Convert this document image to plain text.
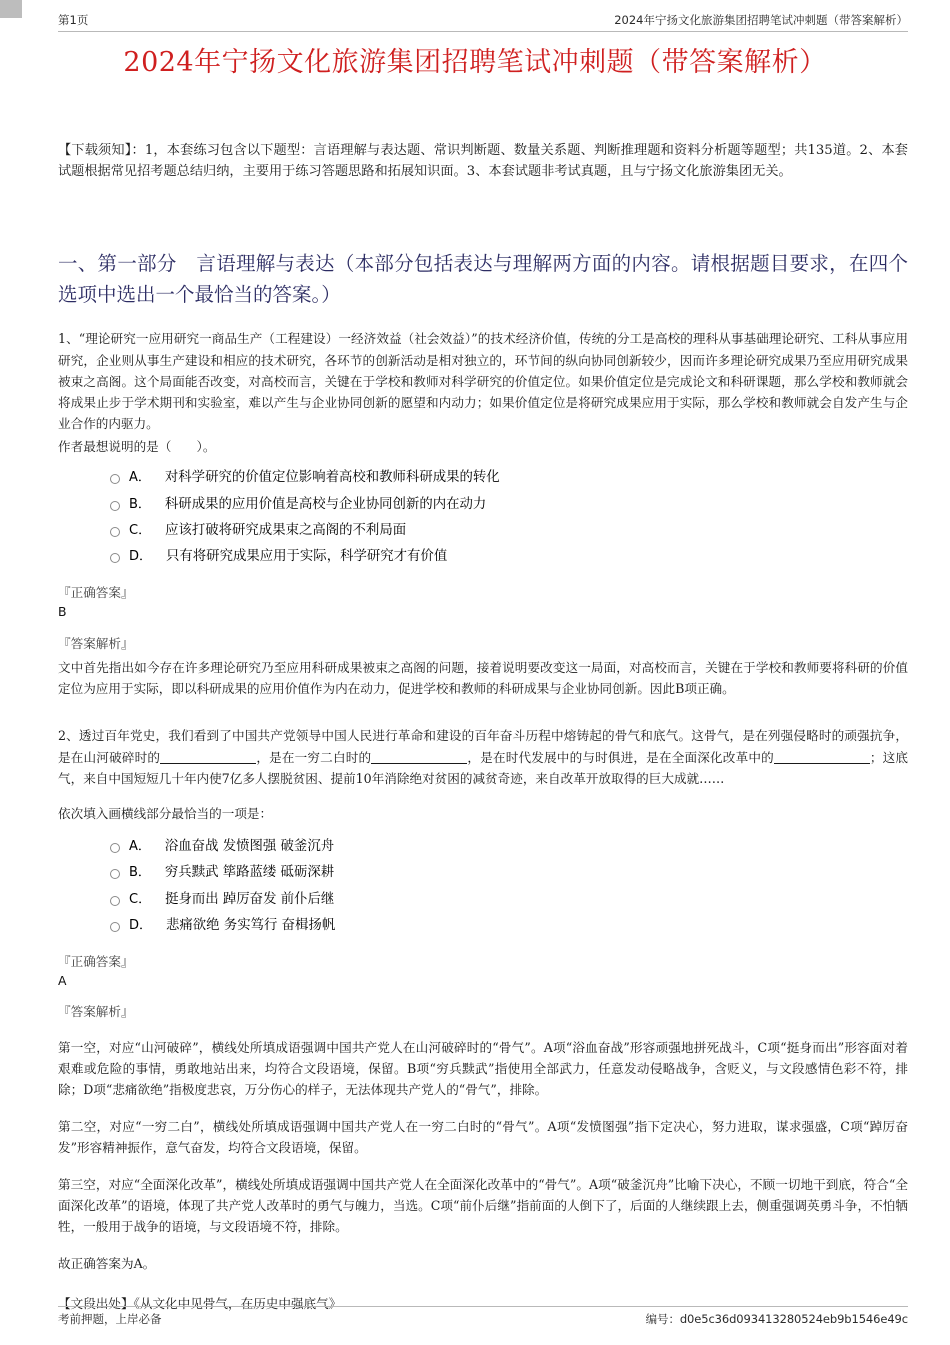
第1页	2024年宁扬文化旅游集团招聘笔试冲刺题（带答案解析）
2024年宁扬文化旅游集团招聘笔试冲刺题（带答案解析）

【下载须知】：1，本套练习包含以下题型：言语理解与表达题、常识判断题、数量关系题、判断推理题和资料分析题等题型；共135道。2、本套试题根据常见招考题总结归纳，主要用于练习答题思路和拓展知识面。3、本套试题非考试真题，且与宁扬文化旅游集团无关。

一、第一部分　言语理解与表达（本部分包括表达与理解两方面的内容。请根据题目要求，在四个选项中选出一个最恰当的答案。）

1、“理论研究一应用研究一商品生产（工程建设）一经济效益（社会效益）”的技术经济价值，传统的分工是高校的理科从事基础理论研究、工科从事应用研究，企业则从事生产建设和相应的技术研究，各环节的创新活动是相对独立的，环节间的纵向协同创新较少，因而许多理论研究成果乃至应用研究成果被束之高阁。这个局面能否改变，对高校而言，关键在于学校和教师对科学研究的价值定位。如果价值定位是完成论文和科研课题，那么学校和教师就会将成果止步于学术期刊和实验室，难以产生与企业协同创新的愿望和内动力；如果价值定位是将研究成果应用于实际，那么学校和教师就会自发产生与企业合作的内驱力。

作者最想说明的是（　　）。

A． 对科学研究的价值定位影响着高校和教师科研成果的转化
B． 科研成果的应用价值是高校与企业协同创新的内在动力
C． 应该打破将研究成果束之高阁的不利局面
D． 只有将研究成果应用于实际，科学研究才有价值

『正确答案』

B

『答案解析』

文中首先指出如今存在许多理论研究乃至应用科研成果被束之高阁的问题，接着说明要改变这一局面，对高校而言，关键在于学校和教师要将科研的价值定位为应用于实际，即以科研成果的应用价值作为内在动力，促进学校和教师的科研成果与企业协同创新。因此B项正确。

2、透过百年党史，我们看到了中国共产党领导中国人民进行革命和建设的百年奋斗历程中熔铸起的骨气和底气。这骨气，是在列强侵略时的顽强抗争，是在山河破碎时的	，是在一穷二白时的	，是在时代发展中的与时俱进，是在全面深化改革中的	；这底气，来自中国短短几十年内使7亿多人摆脱贫困、提前10年消除绝对贫困的减贫奇迹，来自改革开放取得的巨大成就……

依次填入画横线部分最恰当的一项是：

A． 浴血奋战 发愤图强 破釜沉舟
B． 穷兵黩武 筚路蓝缕 砥砺深耕
C． 挺身而出 踔厉奋发 前仆后继
D． 悲痛欲绝 务实笃行 奋楫扬帆

『正确答案』

A

『答案解析』

第一空，对应“山河破碎”，横线处所填成语强调中国共产党人在山河破碎时的“骨气”。A项“浴血奋战”形容顽强地拼死战斗，C项“挺身而出”形容面对着艰难或危险的事情，勇敢地站出来，均符合文段语境，保留。B项“穷兵黩武”指使用全部武力，任意发动侵略战争，含贬义，与文段感情色彩不符，排除；D项“悲痛欲绝”指极度悲哀，万分伤心的样子，无法体现共产党人的“骨气”，排除。

第二空，对应“一穷二白”，横线处所填成语强调中国共产党人在一穷二白时的“骨气”。A项“发愤图强”指下定决心，努力进取，谋求强盛，C项“踔厉奋发”形容精神振作，意气奋发，均符合文段语境，保留。

第三空，对应“全面深化改革”，横线处所填成语强调中国共产党人在全面深化改革中的“骨气”。A项“破釜沉舟”比喻下决心，不顾一切地干到底，符合“全面深化改革”的语境，体现了共产党人改革时的勇气与魄力，当选。C项“前仆后继”指前面的人倒下了，后面的人继续跟上去，侧重强调英勇斗争，不怕牺牲，一般用于战争的语境，与文段语境不符，排除。

故正确答案为A。

【文段出处】《从文化中见骨气，在历史中强底气》

考前押题，上岸必备	编号：d0e5c36d093413280524eb9b1546e49c
